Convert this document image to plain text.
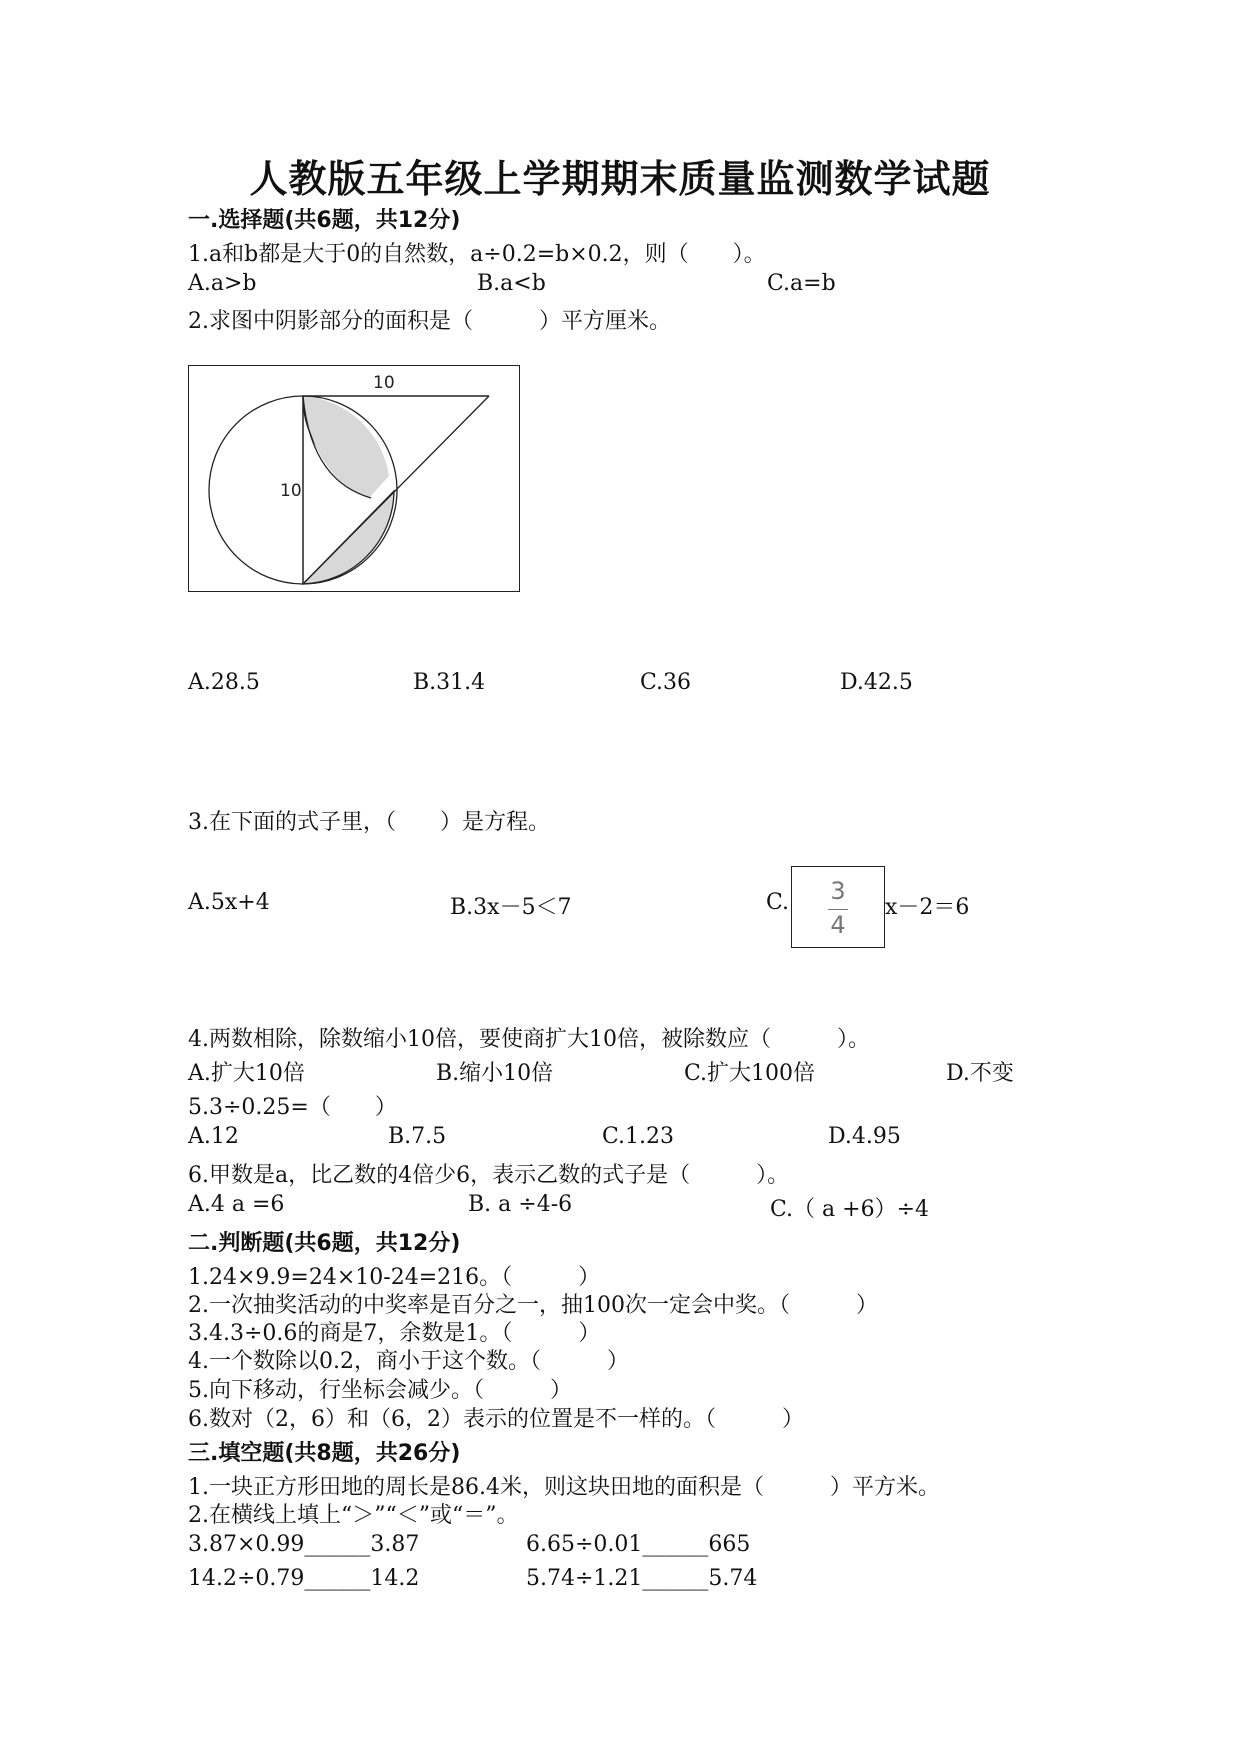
人教版五年级上学期期末质量监测数学试题
一.选择题(共6题，共12分)
1.a和b都是大于0的自然数，a÷0.2=b×0.2，则（　　）。
A.a>b	B.a<b	C.a=b
2.求图中阴影部分的面积是（　　　）平方厘米。
10
10
A.28.5	B.31.4	C.36	D.42.5
3.在下面的式子里，（　　）是方程。
A.5x+4	B.3x－5＜7	C.	3
4
x－2＝6
4.两数相除，除数缩小10倍，要使商扩大10倍，被除数应（　　　）。
A.扩大10倍	B.缩小10倍	C.扩大100倍	D.不变
5.3÷0.25=（　　）
A.12	B.7.5	C.1.23	D.4.95
6.甲数是a，比乙数的4倍少6，表示乙数的式子是（　　　）。
A.4 a =6	B. a ÷4-6	C.（ a +6）÷4
二.判断题(共6题，共12分)
1.24×9.9=24×10-24=216。（　　　）
2.一次抽奖活动的中奖率是百分之一，抽100次一定会中奖。（　　　）
3.4.3÷0.6的商是7，余数是1。（　　　）
4.一个数除以0.2，商小于这个数。（　　　）
5.向下移动，行坐标会减少。（　　　）
6.数对（2，6）和（6，2）表示的位置是不一样的。（　　　）
三.填空题(共8题，共26分)
1.一块正方形田地的周长是86.4米，则这块田地的面积是（　　　）平方米。
2.在横线上填上“＞”“＜”或“＝”。
3.87×0.99______3.87	6.65÷0.01______665
14.2÷0.79______14.2	5.74÷1.21______5.74
